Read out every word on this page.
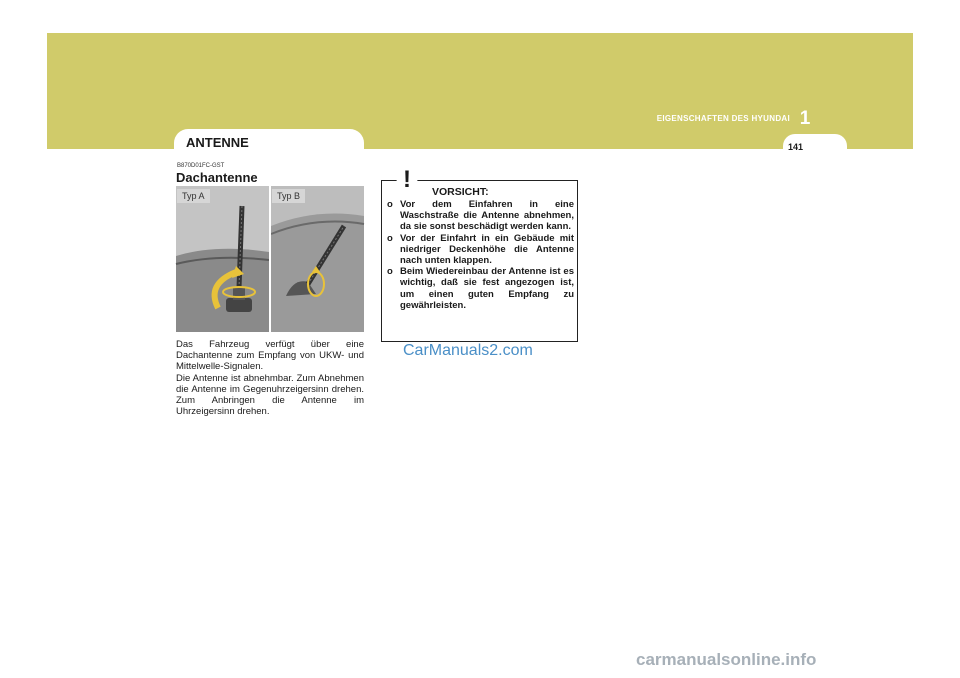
1
EIGENSCHAFTEN DES HYUNDAI
141
ANTENNE
B870D01FC-GST
Dachantenne
Typ A	Typ B

Das Fahrzeug verfügt über eine Dachantenne zum Empfang von UKW- und Mittelwelle-Signalen.

Die Antenne ist abnehmbar. Zum Abnehmen die Antenne im Gegenuhrzeigersinn drehen. Zum Anbringen die Antenne im Uhrzeigersinn drehen.

! VORSICHT:
o Vor dem Einfahren in eine Waschstraße die Antenne abnehmen, da sie sonst beschädigt werden kann.
o Vor der Einfahrt in ein Gebäude mit niedriger Deckenhöhe die Antenne nach unten klappen.
o Beim Wiedereinbau der Antenne ist es wichtig, daß sie fest angezogen ist, um einen guten Empfang zu gewährleisten.
CarManuals2.com
carmanualsonline.info
